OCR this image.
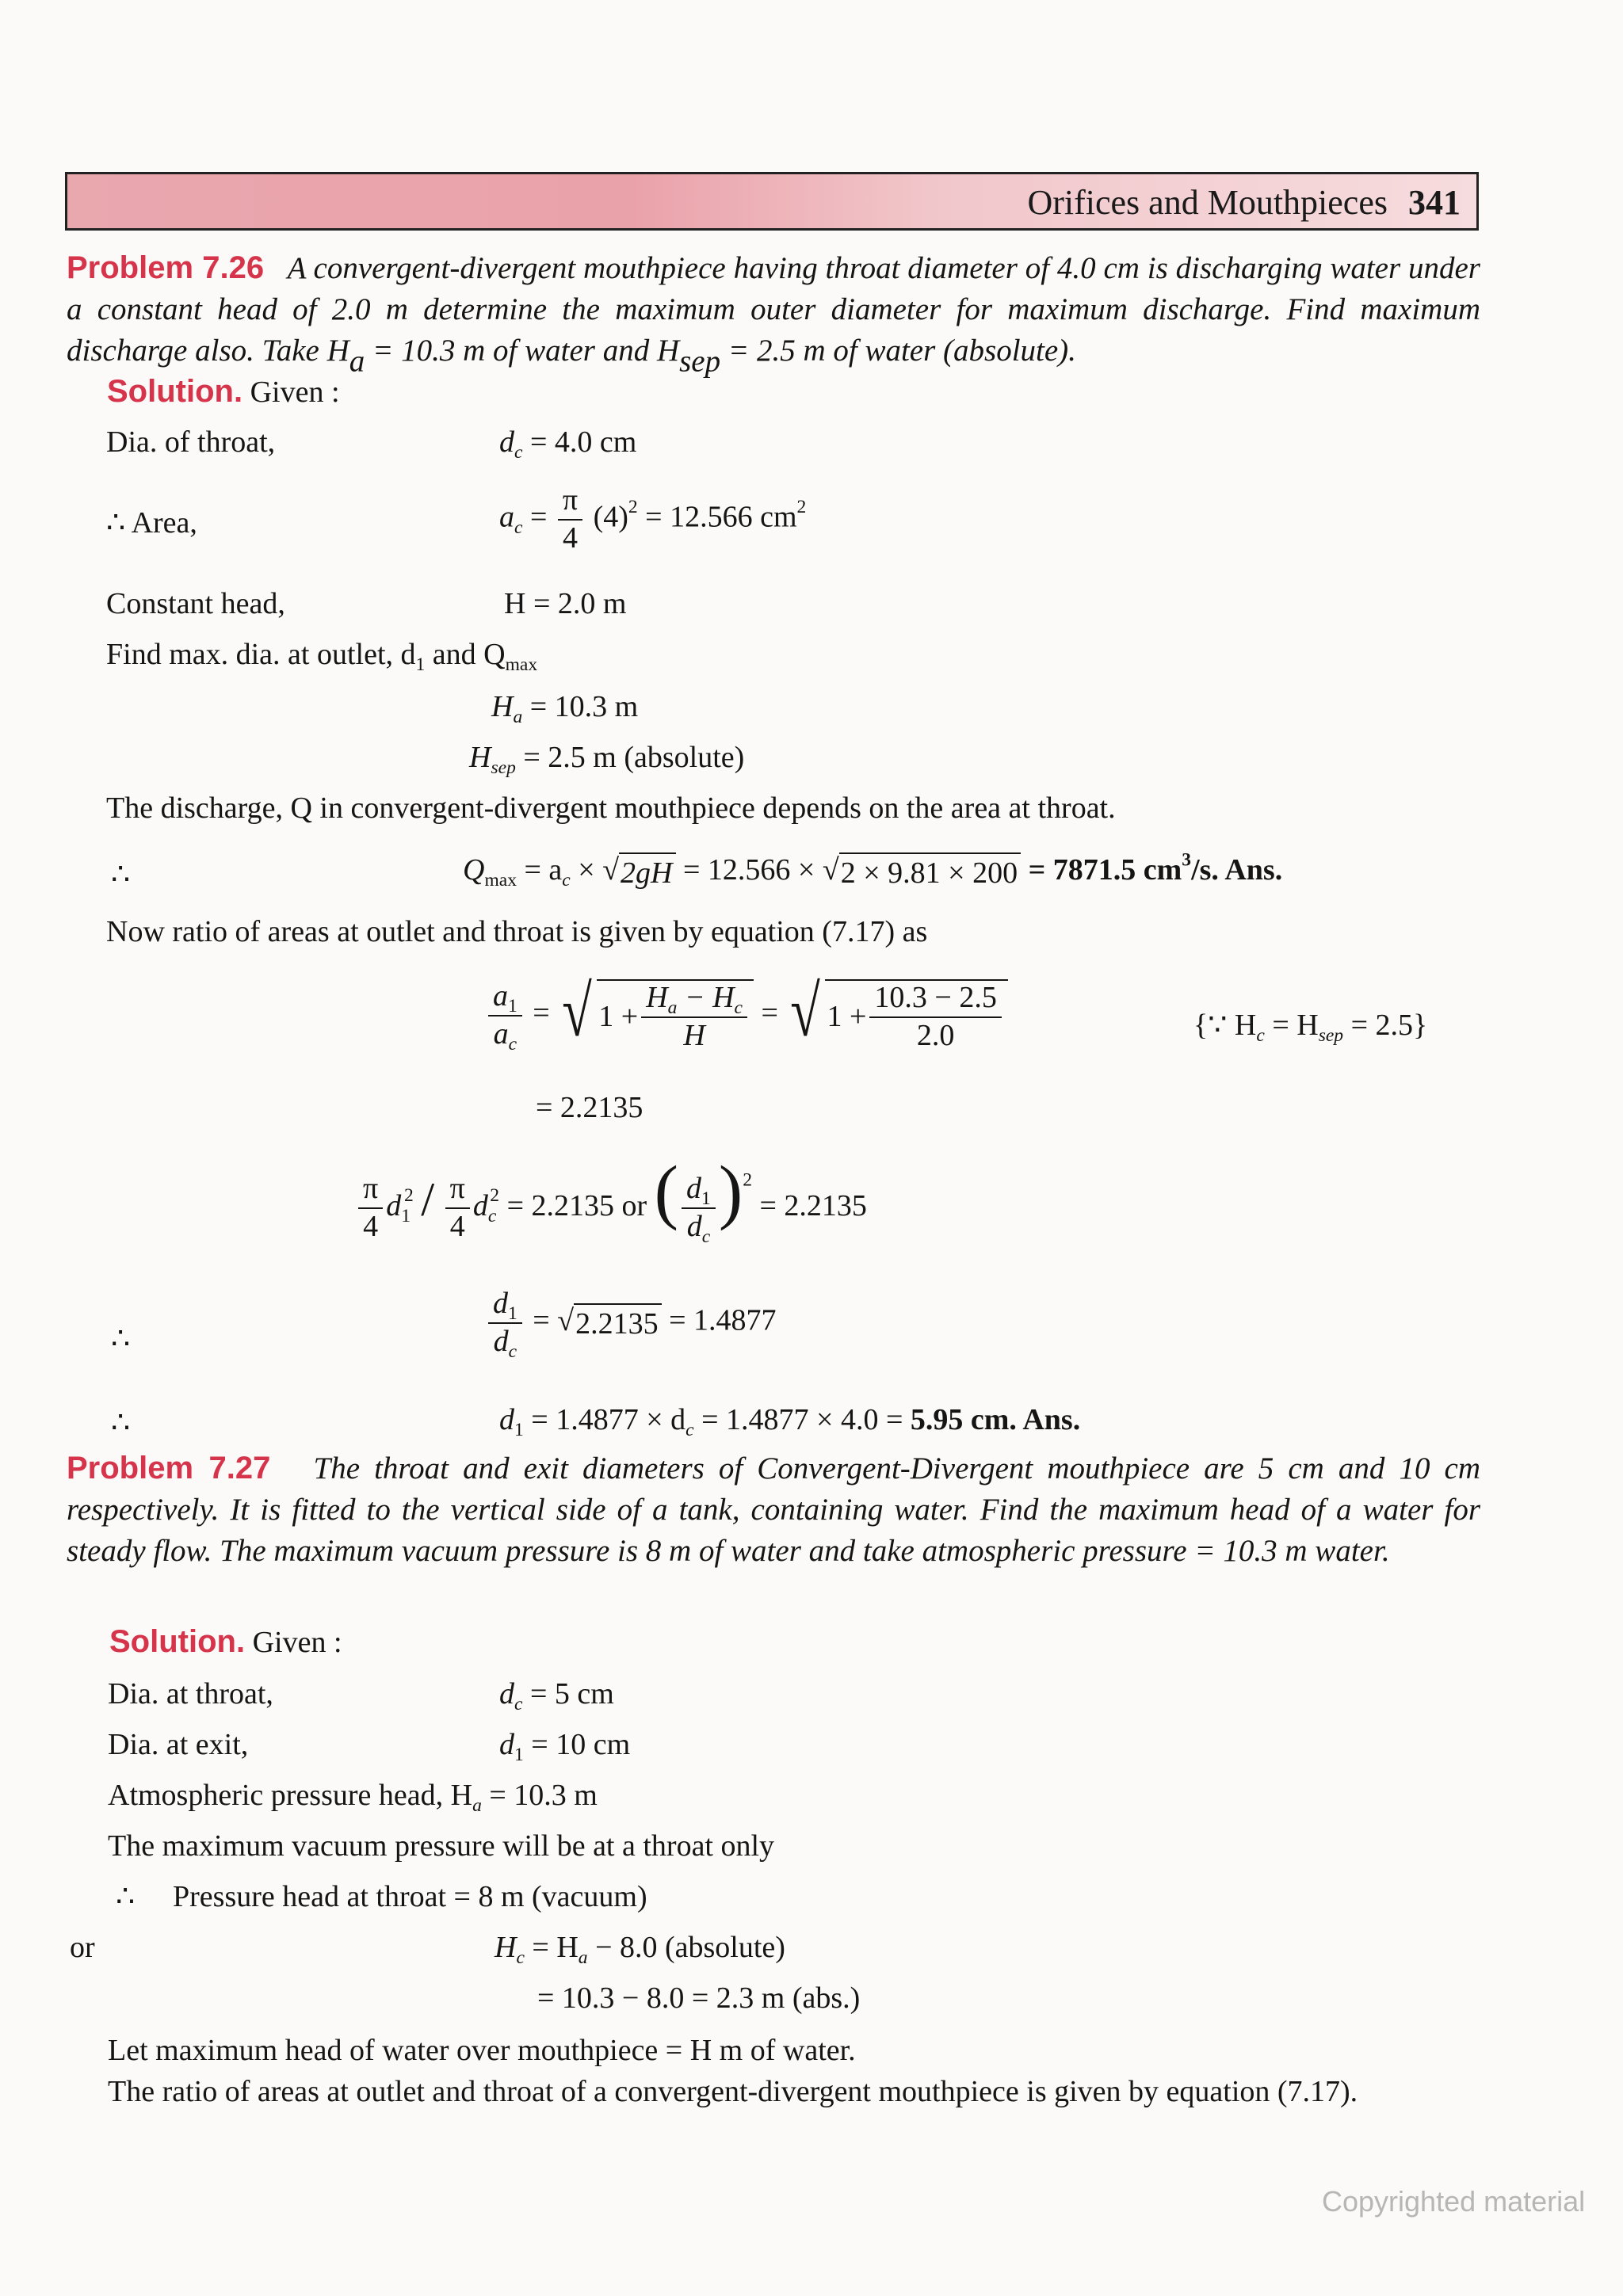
Orifices and Mouthpieces 341
Problem 7.26 A convergent-divergent mouthpiece having throat diameter of 4.0 cm is discharging water under a constant head of 2.0 m determine the maximum outer diameter for maximum discharge. Find maximum discharge also. Take $H_a = 10.3$ m of water and $H_{sep} = 2.5$ m of water (absolute).
Solution. Given :
Dia. of throat,	$d_c = 4.0$ cm
∴ Area,	$a_c = \frac{\pi}{4} (4)^2 = 12.566$ $cm^2$
Constant head,	H = 2.0 m
Find max. dia. at outlet, $d_1$ and $Q_{max}$
$H_a = 10.3$ m
$H_{sep} = 2.5$ m (absolute)
The discharge, Q in convergent-divergent mouthpiece depends on the area at throat.
∴	$Q_{max} = a_c$ × √ 2gH = 12.566 × √ 2 × 9.81 × 200 = 7871.5 $cm^3/s$. Ans.
Now ratio of areas at outlet and throat is given by equation (7.17) as
$\frac{a_1}{a_c}$ = √ $1 + \frac{H_a - H_c}{H}$ = √ $1 + \frac{10.3 - 2.5}{2.0}$	{∵ $H_c = H_{sep} = 2.5$}
= 2.2135
$\frac{\pi}{4} d_1^2 / \frac{\pi}{4} d_c^2 = 2.2135$ or ( $\frac{d_1}{d_c} )^2 = 2.2135$
∴	$\frac{d_1}{d_c}$ = √ 2.2135 = 1.4877
∴	$d_1 = 1.4877 \times d_c = 1.4877 \times 4.0 = 5.95$ cm. Ans.
Problem 7.27 The throat and exit diameters of Convergent-Divergent mouthpiece are 5 cm and 10 cm respectively. It is fitted to the vertical side of a tank, containing water. Find the maximum head of a water for steady flow. The maximum vacuum pressure is 8 m of water and take atmospheric pressure = 10.3 m water.
Solution. Given :
Dia. at throat,	$d_c = 5$ cm
Dia. at exit,	$d_1 = 10$ cm
Atmospheric pressure head, $H_a = 10.3$ m
The maximum vacuum pressure will be at a throat only
∴ Pressure head at throat = 8 m (vacuum)
or	$H_c = H_a - 8.0$ (absolute)
= 10.3 − 8.0 = 2.3 m (abs.)
Let maximum head of water over mouthpiece = H m of water.
The ratio of areas at outlet and throat of a convergent-divergent mouthpiece is given by equation (7.17).
Copyrighted material
